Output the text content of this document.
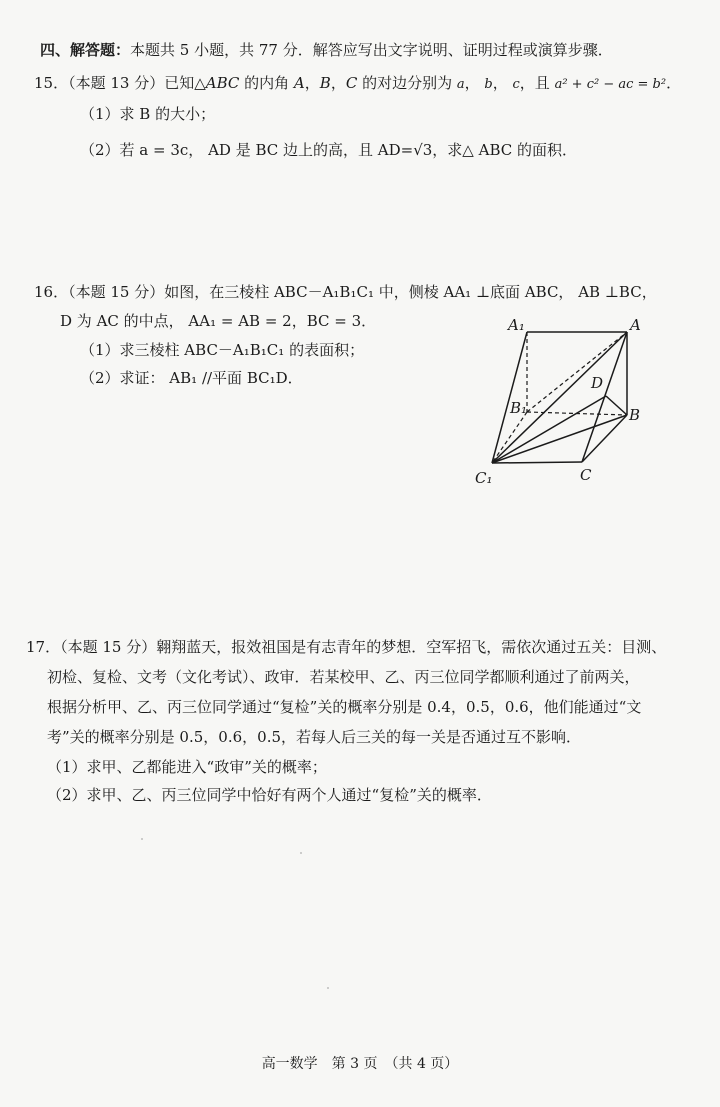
四、解答题：本题共 5 小题，共 77 分．解答应写出文字说明、证明过程或演算步骤．
15．（本题 13 分）已知△ABC 的内角 A，B，C 的对边分别为 a， b， c，且 a² + c² − ac = b²．
（1）求 B 的大小；
（2）若 a = 3c， AD 是 BC 边上的高，且 AD=√3，求△ ABC 的面积．
16．（本题 15 分）如图，在三棱柱 ABC－A₁B₁C₁ 中，侧棱 AA₁ ⊥底面 ABC， AB ⊥BC，
D 为 AC 的中点， AA₁ = AB = 2，BC = 3．
（1）求三棱柱 ABC－A₁B₁C₁ 的表面积；
（2）求证： AB₁ //平面 BC₁D．
A₁	A
D
B₁	B
C₁	C
17．（本题 15 分）翱翔蓝天，报效祖国是有志青年的梦想．空军招飞，需依次通过五关：目测、
初检、复检、文考（文化考试）、政审．若某校甲、乙、丙三位同学都顺利通过了前两关，
根据分析甲、乙、丙三位同学通过“复检”关的概率分别是 0.4，0.5，0.6，他们能通过“文
考”关的概率分别是 0.5，0.6，0.5，若每人后三关的每一关是否通过互不影响．
（1）求甲、乙都能进入“政审”关的概率；
（2）求甲、乙、丙三位同学中恰好有两个人通过“复检”关的概率．
高一数学　第 3 页　（共 4 页）
